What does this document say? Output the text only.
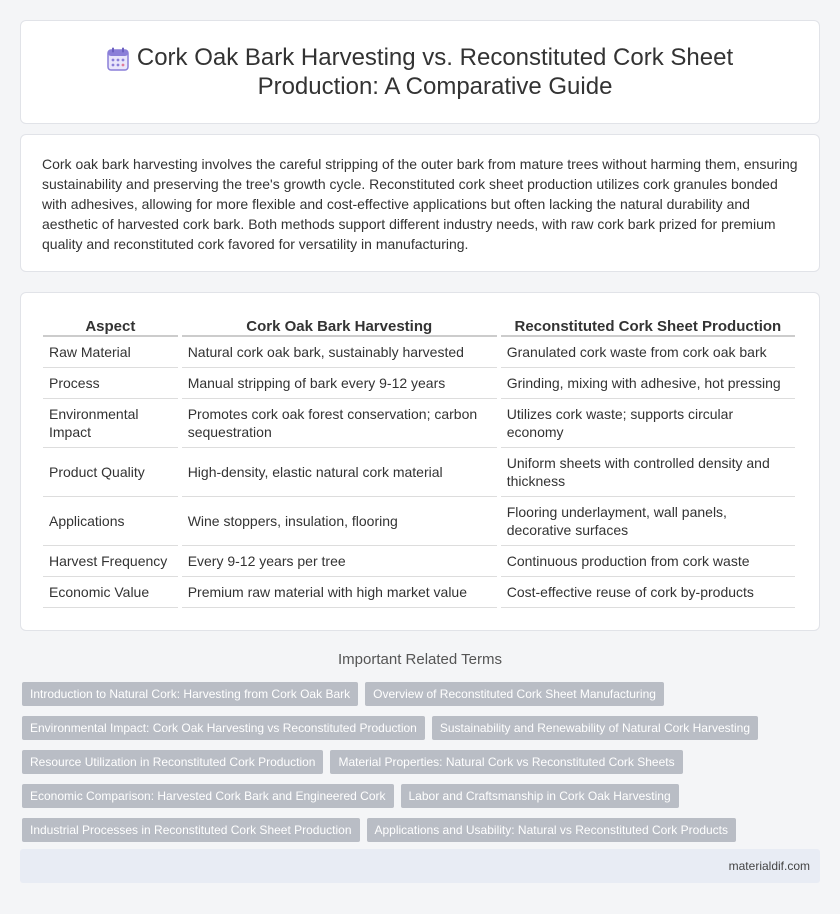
Cork Oak Bark Harvesting vs. Reconstituted Cork Sheet Production: A Comparative Guide

Cork oak bark harvesting involves the careful stripping of the outer bark from mature trees without harming them, ensuring sustainability and preserving the tree's growth cycle. Reconstituted cork sheet production utilizes cork granules bonded with adhesives, allowing for more flexible and cost-effective applications but often lacking the natural durability and aesthetic of harvested cork bark. Both methods support different industry needs, with raw cork bark prized for premium quality and reconstituted cork favored for versatility in manufacturing.

Aspect	Cork Oak Bark Harvesting	Reconstituted Cork Sheet Production
Raw Material	Natural cork oak bark, sustainably harvested	Granulated cork waste from cork oak bark
Process	Manual stripping of bark every 9-12 years	Grinding, mixing with adhesive, hot pressing
Environmental Impact	Promotes cork oak forest conservation; carbon sequestration	Utilizes cork waste; supports circular economy
Product Quality	High-density, elastic natural cork material	Uniform sheets with controlled density and thickness
Applications	Wine stoppers, insulation, flooring	Flooring underlayment, wall panels, decorative surfaces
Harvest Frequency	Every 9-12 years per tree	Continuous production from cork waste
Economic Value	Premium raw material with high market value	Cost-effective reuse of cork by-products
Important Related Terms
Introduction to Natural Cork: Harvesting from Cork Oak Bark	Overview of Reconstituted Cork Sheet Manufacturing
Environmental Impact: Cork Oak Harvesting vs Reconstituted Production	Sustainability and Renewability of Natural Cork Harvesting
Resource Utilization in Reconstituted Cork Production	Material Properties: Natural Cork vs Reconstituted Cork Sheets
Economic Comparison: Harvested Cork Bark and Engineered Cork	Labor and Craftsmanship in Cork Oak Harvesting
Industrial Processes in Reconstituted Cork Sheet Production	Applications and Usability: Natural vs Reconstituted Cork Products
materialdif.com
